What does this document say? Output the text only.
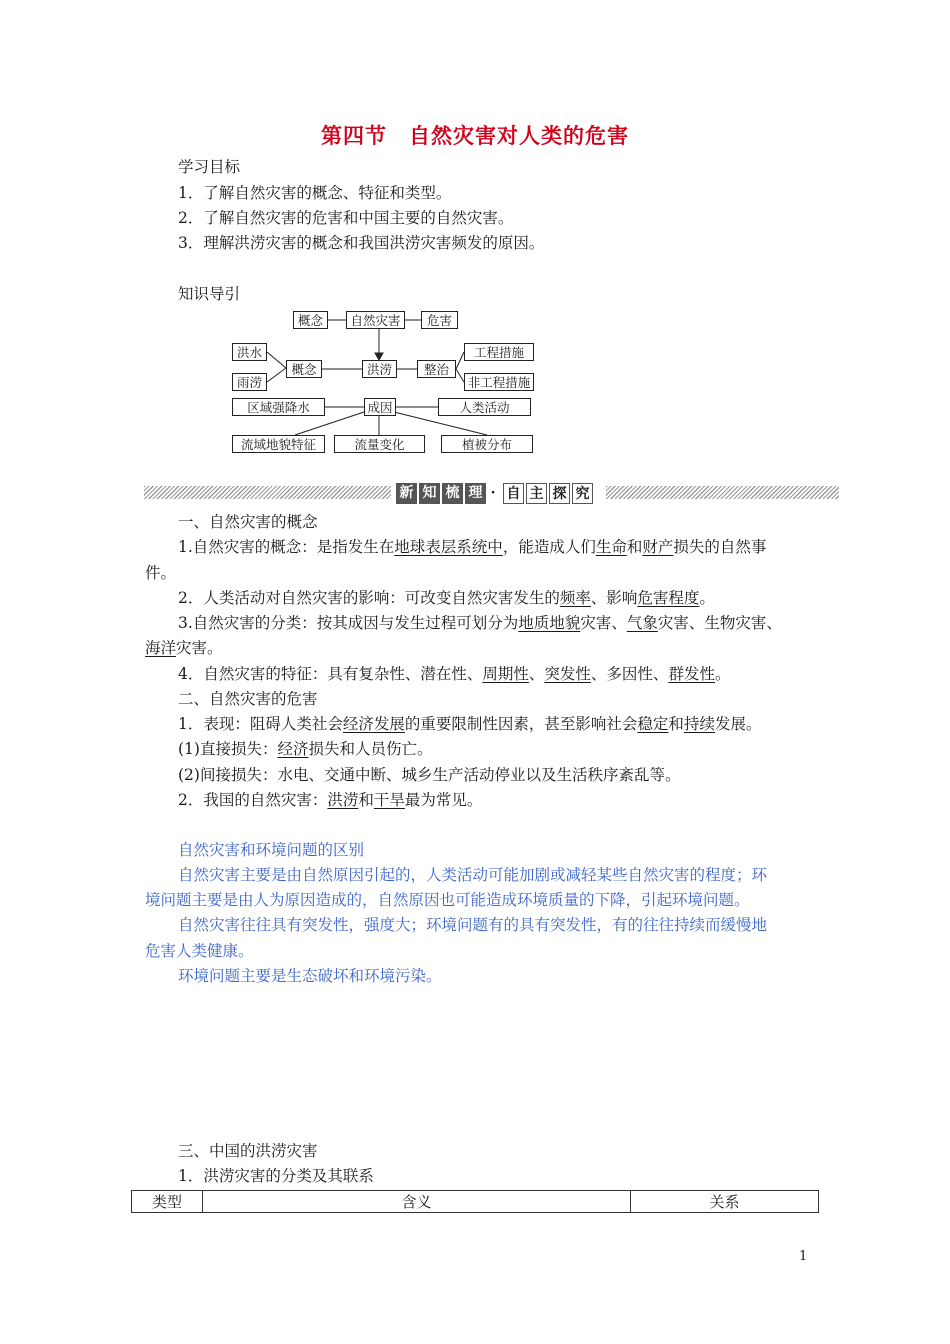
第四节　自然灾害对人类的危害
学习目标
1．了解自然灾害的概念、特征和类型。
2．了解自然灾害的危害和中国主要的自然灾害。
3．理解洪涝灾害的概念和我国洪涝灾害频发的原因。
知识导引
概念	自然灾害	危害
洪水
雨涝
概念	洪涝	整治
工程措施
非工程措施
区域强降水	成因	人类活动
流域地貌特征	流量变化	植被分布
新 知 梳 理 · 自 主 探 究
一、自然灾害的概念
1.自然灾害的概念：是指发生在地球表层系统中，能造成人们生命和财产损失的自然事
件。
2．人类活动对自然灾害的影响：可改变自然灾害发生的频率、影响危害程度。
3.自然灾害的分类：按其成因与发生过程可划分为地质地貌灾害、气象灾害、生物灾害、
海洋灾害。
4．自然灾害的特征：具有复杂性、潜在性、周期性、突发性、多因性、群发性。
二、自然灾害的危害
1．表现：阻碍人类社会经济发展的重要限制性因素，甚至影响社会稳定和持续发展。
(1)直接损失：经济损失和人员伤亡。
(2)间接损失：水电、交通中断、城乡生产活动停业以及生活秩序紊乱等。
2．我国的自然灾害：洪涝和干旱最为常见。
自然灾害和环境问题的区别
自然灾害主要是由自然原因引起的，人类活动可能加剧或减轻某些自然灾害的程度；环
境问题主要是由人为原因造成的，自然原因也可能造成环境质量的下降，引起环境问题。
自然灾害往往具有突发性，强度大；环境问题有的具有突发性，有的往往持续而缓慢地
危害人类健康。
环境问题主要是生态破坏和环境污染。
三、中国的洪涝灾害
1．洪涝灾害的分类及其联系
类型	含义	关系
1
